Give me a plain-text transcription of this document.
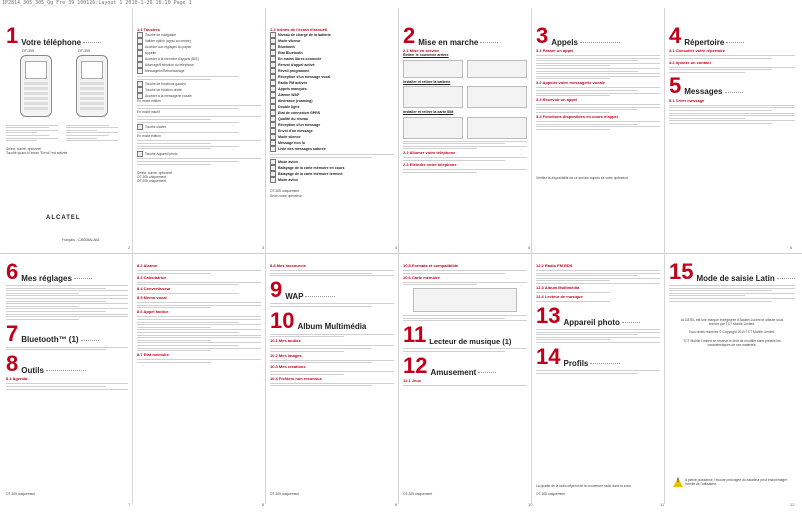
IP2814_305_305_Qg_Fre_39_100126:Layout 1 2010-1-26 16:10 Page 1
1 Votre téléphone
OT-305	OT-305
Select, suivre, optionnel
Touché quant à l'écran "Envoi" est activée
ALCATEL
Français - CJB305ALAB1
1.1 Touches
Touche de navigation
Valider option (appui au centre)
Accéder aux réglages du papier
Appeler
Accéder à la mémoire d'appels (BIS)
Allumage/Extinction du téléphone
Messagerie/Rétroéclairage
Touche de fonctions gauche
Touche de fonction droite
Accéder à la messagerie vocale
En mode édition
En mode inactif
Touche clavier
En mode édition
Touche Appareil photo
Select, suivre, optionnel
OT-305 uniquement
OT-305 uniquement
2
1.2 Icônes de l'écran d'accueil
Niveau de charge de la batterie
Mode vibreur
Bluetooth
Etat Bluetooth
En mains libres connecté
Renvoi d'appel activé
Réveil programmé
Réception d'un message vocal
Radio FM activée
Appels manqués
Alarme WAP
Itinérance (roaming)
Double ligne
Etat de connexion GPRS
Qualité du réseau
Réception d'un message
Envoi d'un message
Mode silence
Message non lu
Liste des messages saturée
Mode avion
Balayage de la carte mémoire en cours
Balayage de la carte mémoire terminé
Mode avion
OT-305 uniquement
Selon votre opérateur
3
2 Mise en marche
2.1 Mise en service
Retirer le couvercle arrière
Installer et retirer la batterie
Installer et retirer la carte SIM
2.2 Allumer votre téléphone
2.3 Eteindre votre téléphone
4
3 Appels
3.1 Passer un appel
3.2 Appeler votre messagerie vocale
3.3 Recevoir un appel
3.4 Fonctions disponibles en cours d'appel
Vérifiez la disponibilité de ce service auprès de votre opérateur.
5
4 Répertoire
4.1 Consulter votre répertoire
4.2 Ajouter un contact
5 Messages
5.1 Créer message
6
6 Mes réglages
7 Bluetooth™ (1)
8 Outils
8.1 Agenda
OT-305 uniquement
7
8.2 Alarme
8.3 Calculatrice
8.4 Convertisseur
8.5 Mémo vocal
8.6 Appel factice
8.7 Etat mémoire
8
8.8 Mes raccourcis
9 WAP
10 Album Multimédia
10.1 Mes audios
10.2 Mes images
10.3 Mes créations
10.4 Fichiers non reconnus
OT-305 uniquement
9
10.5 Formats et compatibilité
10.6 Carte mémoire
11 Lecteur de musique (1)
12 Amusement
12.1 Jeux
OT-305 uniquement
10
12.2 Radio FM RDS
12.3 Album Multimédia
12.4 Lecteur de musique
13 Appareil photo
14 Profils
La qualité de la radio dépend de la couverture radio dans la zone
OT-305 uniquement
11
15 Mode de saisie Latin
ALCATEL est une marque enregistrée d'Alcatel-Lucent et utilisée sous licence par TCT Mobile Limited.
Tous droits réservés © Copyright 2010 TCT Mobile Limited.
TCT Mobile Limited se réserve le droit de modifier sans préavis les caractéristiques de ses matériels.
!
A pleine puissance, l'écoute prolongée du baladeur peut endommager l'oreille de l'utilisateur.
12
